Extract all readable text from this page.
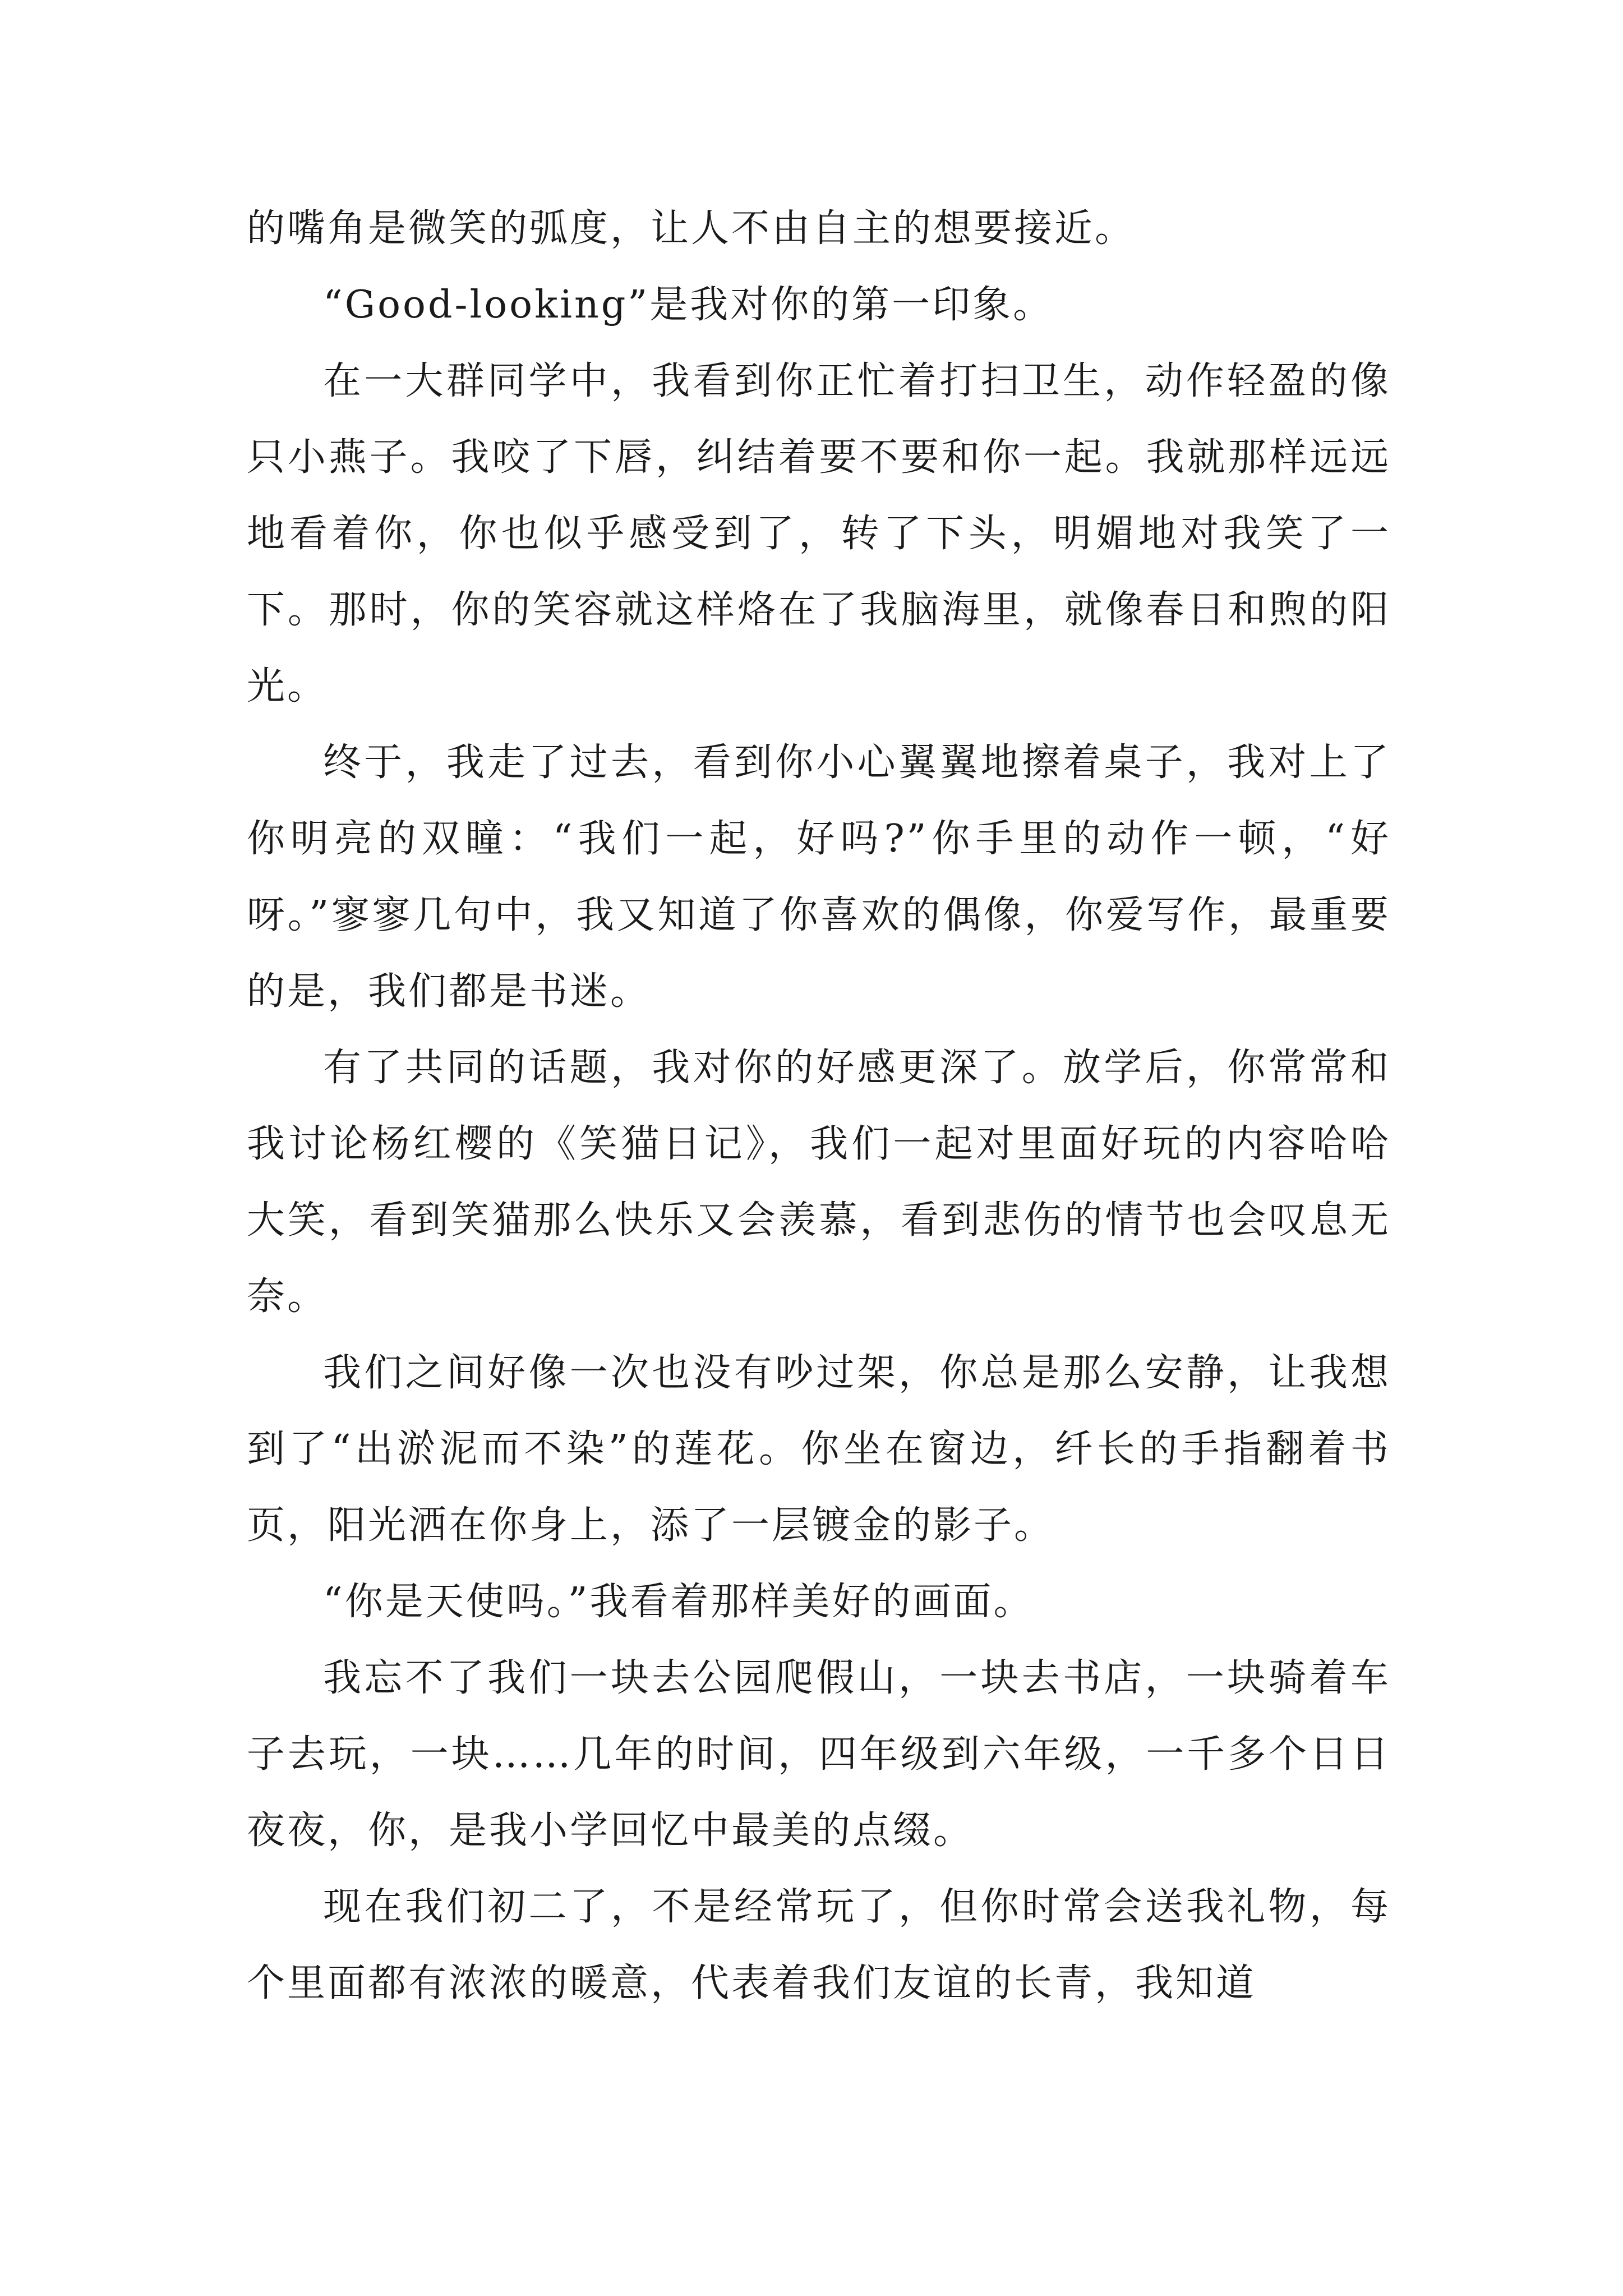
的嘴角是微笑的弧度，让人不由自主的想要接近。

“Good-looking”是我对你的第一印象。

在一大群同学中，我看到你正忙着打扫卫生，动作轻盈的像只小燕子。我咬了下唇，纠结着要不要和你一起。我就那样远远地看着你，你也似乎感受到了，转了下头，明媚地对我笑了一下。那时，你的笑容就这样烙在了我脑海里，就像春日和煦的阳光。

终于，我走了过去，看到你小心翼翼地擦着桌子，我对上了你明亮的双瞳：“我们一起，好吗?”你手里的动作一顿，“好呀。”寥寥几句中，我又知道了你喜欢的偶像，你爱写作，最重要的是，我们都是书迷。

有了共同的话题，我对你的好感更深了。放学后，你常常和我讨论杨红樱的《笑猫日记》，我们一起对里面好玩的内容哈哈大笑，看到笑猫那么快乐又会羡慕，看到悲伤的情节也会叹息无奈。

我们之间好像一次也没有吵过架，你总是那么安静，让我想到了“出淤泥而不染”的莲花。你坐在窗边，纤长的手指翻着书页，阳光洒在你身上，添了一层镀金的影子。

“你是天使吗。”我看着那样美好的画面。

我忘不了我们一块去公园爬假山，一块去书店，一块骑着车子去玩，一块……几年的时间，四年级到六年级，一千多个日日夜夜，你，是我小学回忆中最美的点缀。

现在我们初二了，不是经常玩了，但你时常会送我礼物，每个里面都有浓浓的暖意，代表着我们友谊的长青，我知道
